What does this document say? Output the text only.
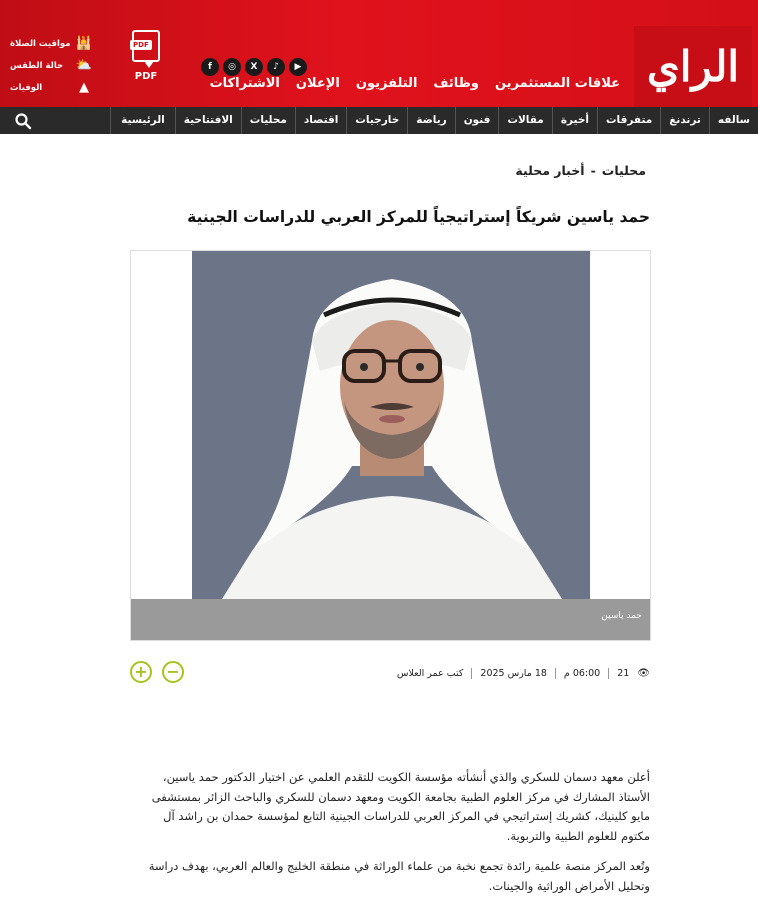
الراي
الاشتراكات الإعلان التلفزيون وظائف علاقات المستثمرين
f	◎	X	♪	▶
PDF
PDF
🕌
مواقيت الصلاة
⛅
حالة الطقس
▲
الوفيات
الرئيسية	الافتتاحية	محليات	اقتصاد	خارجيات	رياضة	فنون	مقالات	أخيرة	متفرقات	ترندنغ	سالفه
محليات
-
أخبار محلية
حمد ياسين شريكاً إستراتيجياً للمركز العربي للدراسات الجينية
حمد ياسين
كتب عمر العلاس 18 مارس 2025 06:00 م 21 👁
+ −

أعلن معهد دسمان للسكري والذي أنشأته مؤسسة الكويت للتقدم العلمي عن اختيار الدكتور حمد ياسين، الأستاذ المشارك في مركز العلوم الطبية بجامعة الكويت ومعهد دسمان للسكري والباحث الزائر بمستشفى مايو كلينيك، كشريك إستراتيجي في المركز العربي للدراسات الجينية التابع لمؤسسة حمدان بن راشد آل مكتوم للعلوم الطبية والتربوية.

وتُعد المركز منصة علمية رائدة تجمع نخبة من علماء الوراثة في منطقة الخليج والعالم العربي، بهدف دراسة وتحليل الأمراض الوراثية والجينات.
